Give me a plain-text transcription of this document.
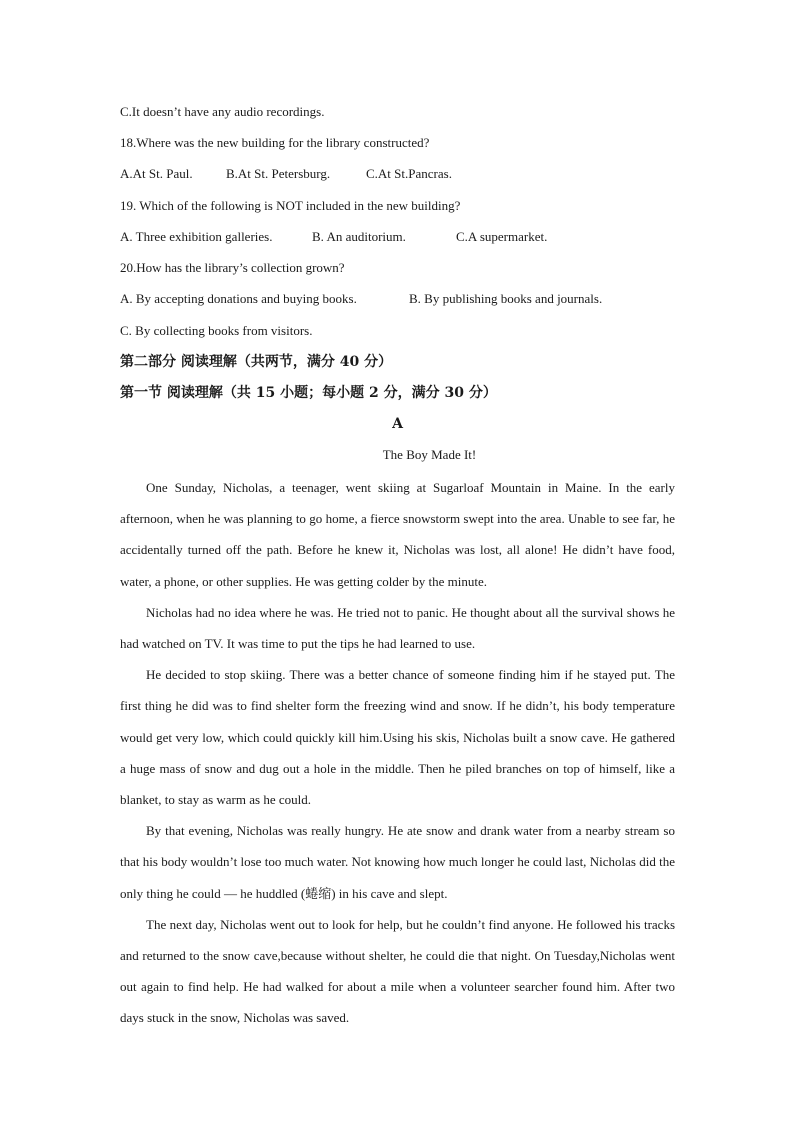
C.It doesn’t have any audio recordings.
18.Where was the new building for the library constructed?
A.At St. Paul.	B.At St. Petersburg.	C.At St.Pancras.
19. Which of the following is NOT included in the new building?
A. Three exhibition galleries.	B. An auditorium.	C.A supermarket.
20.How has the library’s collection grown?
A. By accepting donations and buying books.	B. By publishing books and journals.
C. By collecting books from visitors.
第二部分 阅读理解（共两节，满分 40 分）
第一节 阅读理解（共 15 小题；每小题 2 分，满分 30 分）
A
The Boy Made It!

One Sunday, Nicholas, a teenager, went skiing at Sugarloaf Mountain in Maine. In the early afternoon, when he was planning to go home, a fierce snowstorm swept into the area. Unable to see far, he accidentally turned off the path. Before he knew it, Nicholas was lost, all alone! He didn’t have food, water, a phone, or other supplies. He was getting colder by the minute.

Nicholas had no idea where he was. He tried not to panic. He thought about all the survival shows he had watched on TV. It was time to put the tips he had learned to use.

He decided to stop skiing. There was a better chance of someone finding him if he stayed put. The first thing he did was to find shelter form the freezing wind and snow. If he didn’t, his body temperature would get very low, which could quickly kill him.Using his skis, Nicholas built a snow cave. He gathered a huge mass of snow and dug out a hole in the middle. Then he piled branches on top of himself, like a blanket, to stay as warm as he could.

By that evening, Nicholas was really hungry. He ate snow and drank water from a nearby stream so that his body wouldn’t lose too much water. Not knowing how much longer he could last, Nicholas did the only thing he could — he huddled (蜷缩) in his cave and slept.

The next day, Nicholas went out to look for help, but he couldn’t find anyone. He followed his tracks and returned to the snow cave,because without shelter, he could die that night. On Tuesday,Nicholas went out again to find help. He had walked for about a mile when a volunteer searcher found him. After two days stuck in the snow, Nicholas was saved.
